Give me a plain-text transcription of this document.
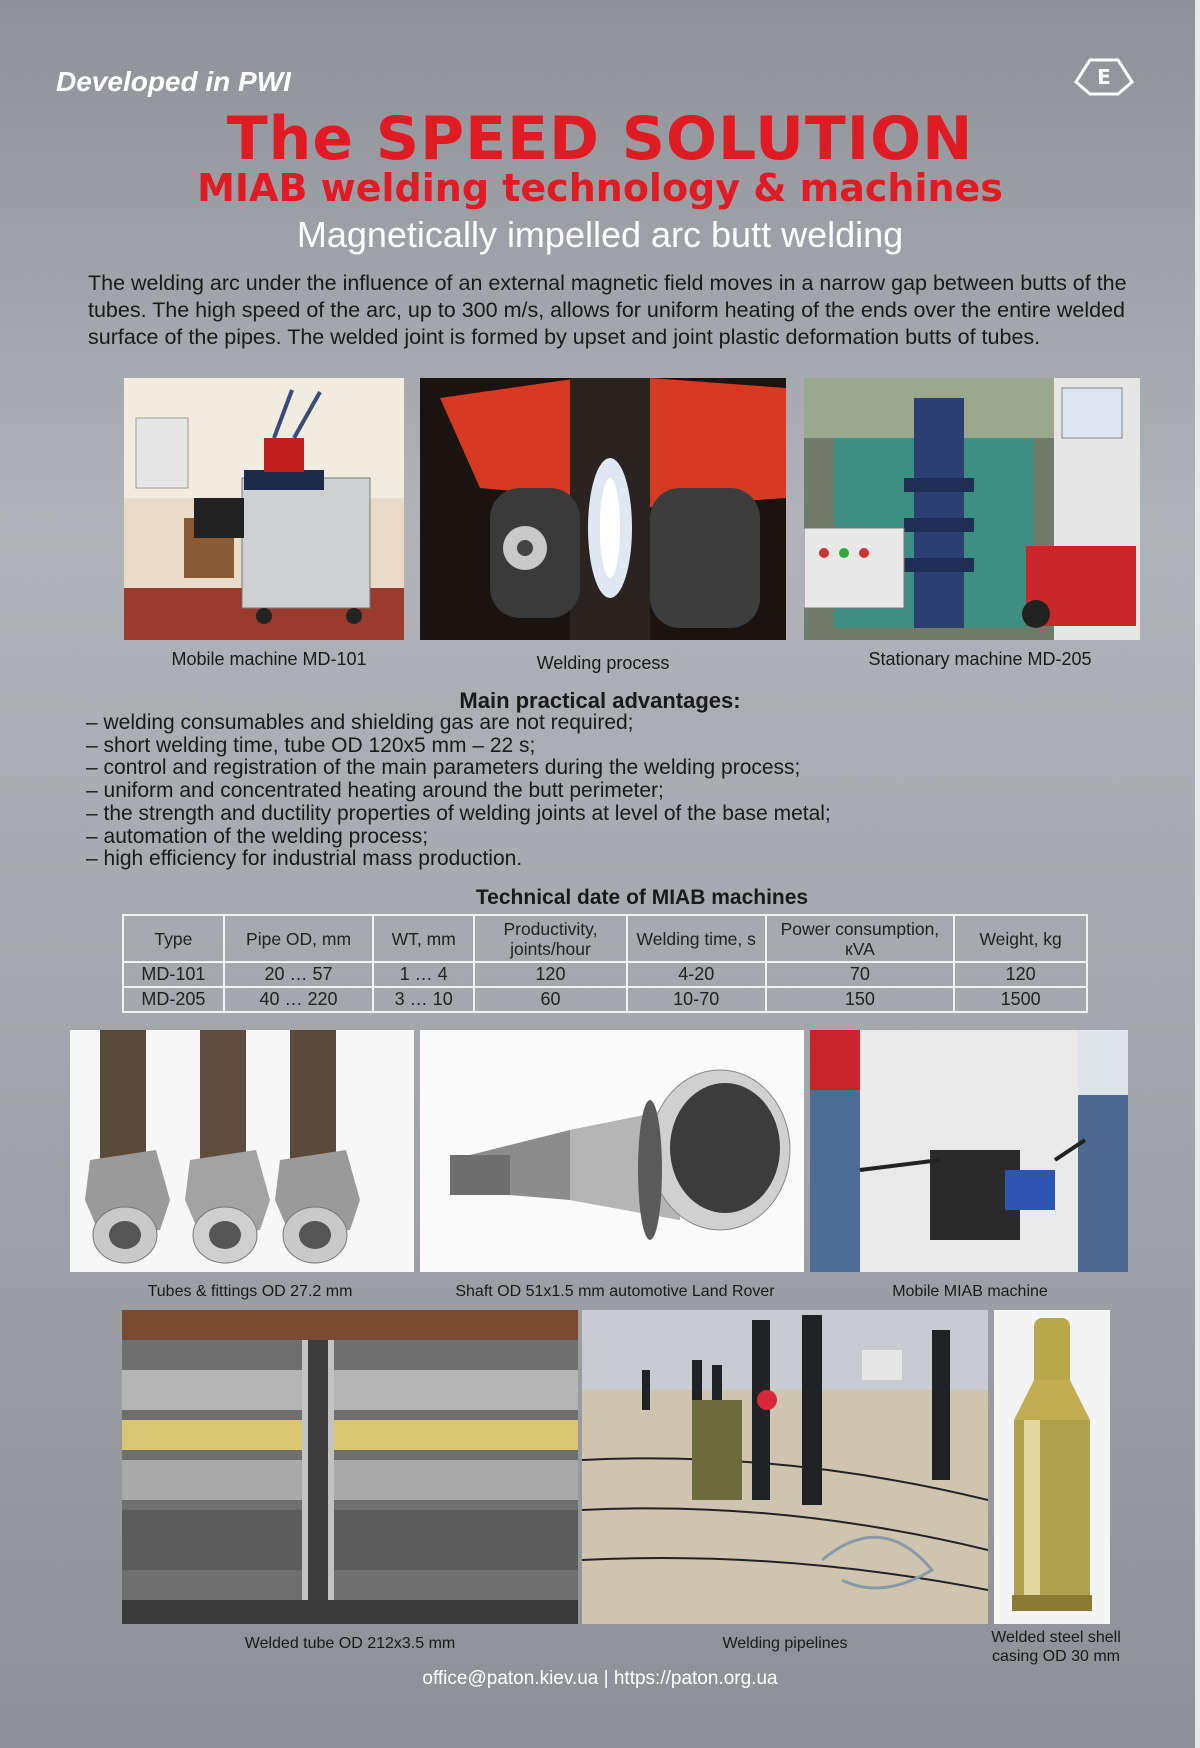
Developed in PWI	E
The SPEED SOLUTION
MIAB welding technology & machines
Magnetically impelled arc butt welding
The welding arc under the influence of an external magnetic field moves in a narrow gap between butts of the tubes. The high speed of the arc, up to 300 m/s, allows for uniform heating of the ends over the entire welded surface of the pipes. The welded joint is formed by upset and joint plastic deformation butts of tubes.
Mobile machine MD-101	Welding process	Stationary machine MD-205
Main practical advantages:
– welding consumables and shielding gas are not required;
– short welding time, tube OD 120x5 mm – 22 s;
– control and registration of the main parameters during the welding process;
– uniform and concentrated heating around the butt perimeter;
– the strength and ductility properties of welding joints at level of the base metal;
– automation of the welding process;
– high efficiency for industrial mass production.
Technical date of MIAB machines
Type	Pipe OD, mm	WT, mm	Productivity, joints/hour	Welding time, s	Power consumption, кVA	Weight, kg
MD-101	20 … 57	1 … 4	120	4-20	70	120
MD-205	40 … 220	3 … 10	60	10-70	150	1500
Tubes & fittings OD 27.2 mm	Shaft OD 51x1.5 mm automotive Land Rover	Mobile MIAB machine
Welded tube OD 212x3.5 mm	Welding pipelines	Welded steel shell
casing OD 30 mm
office@paton.kiev.ua | https://paton.org.ua
